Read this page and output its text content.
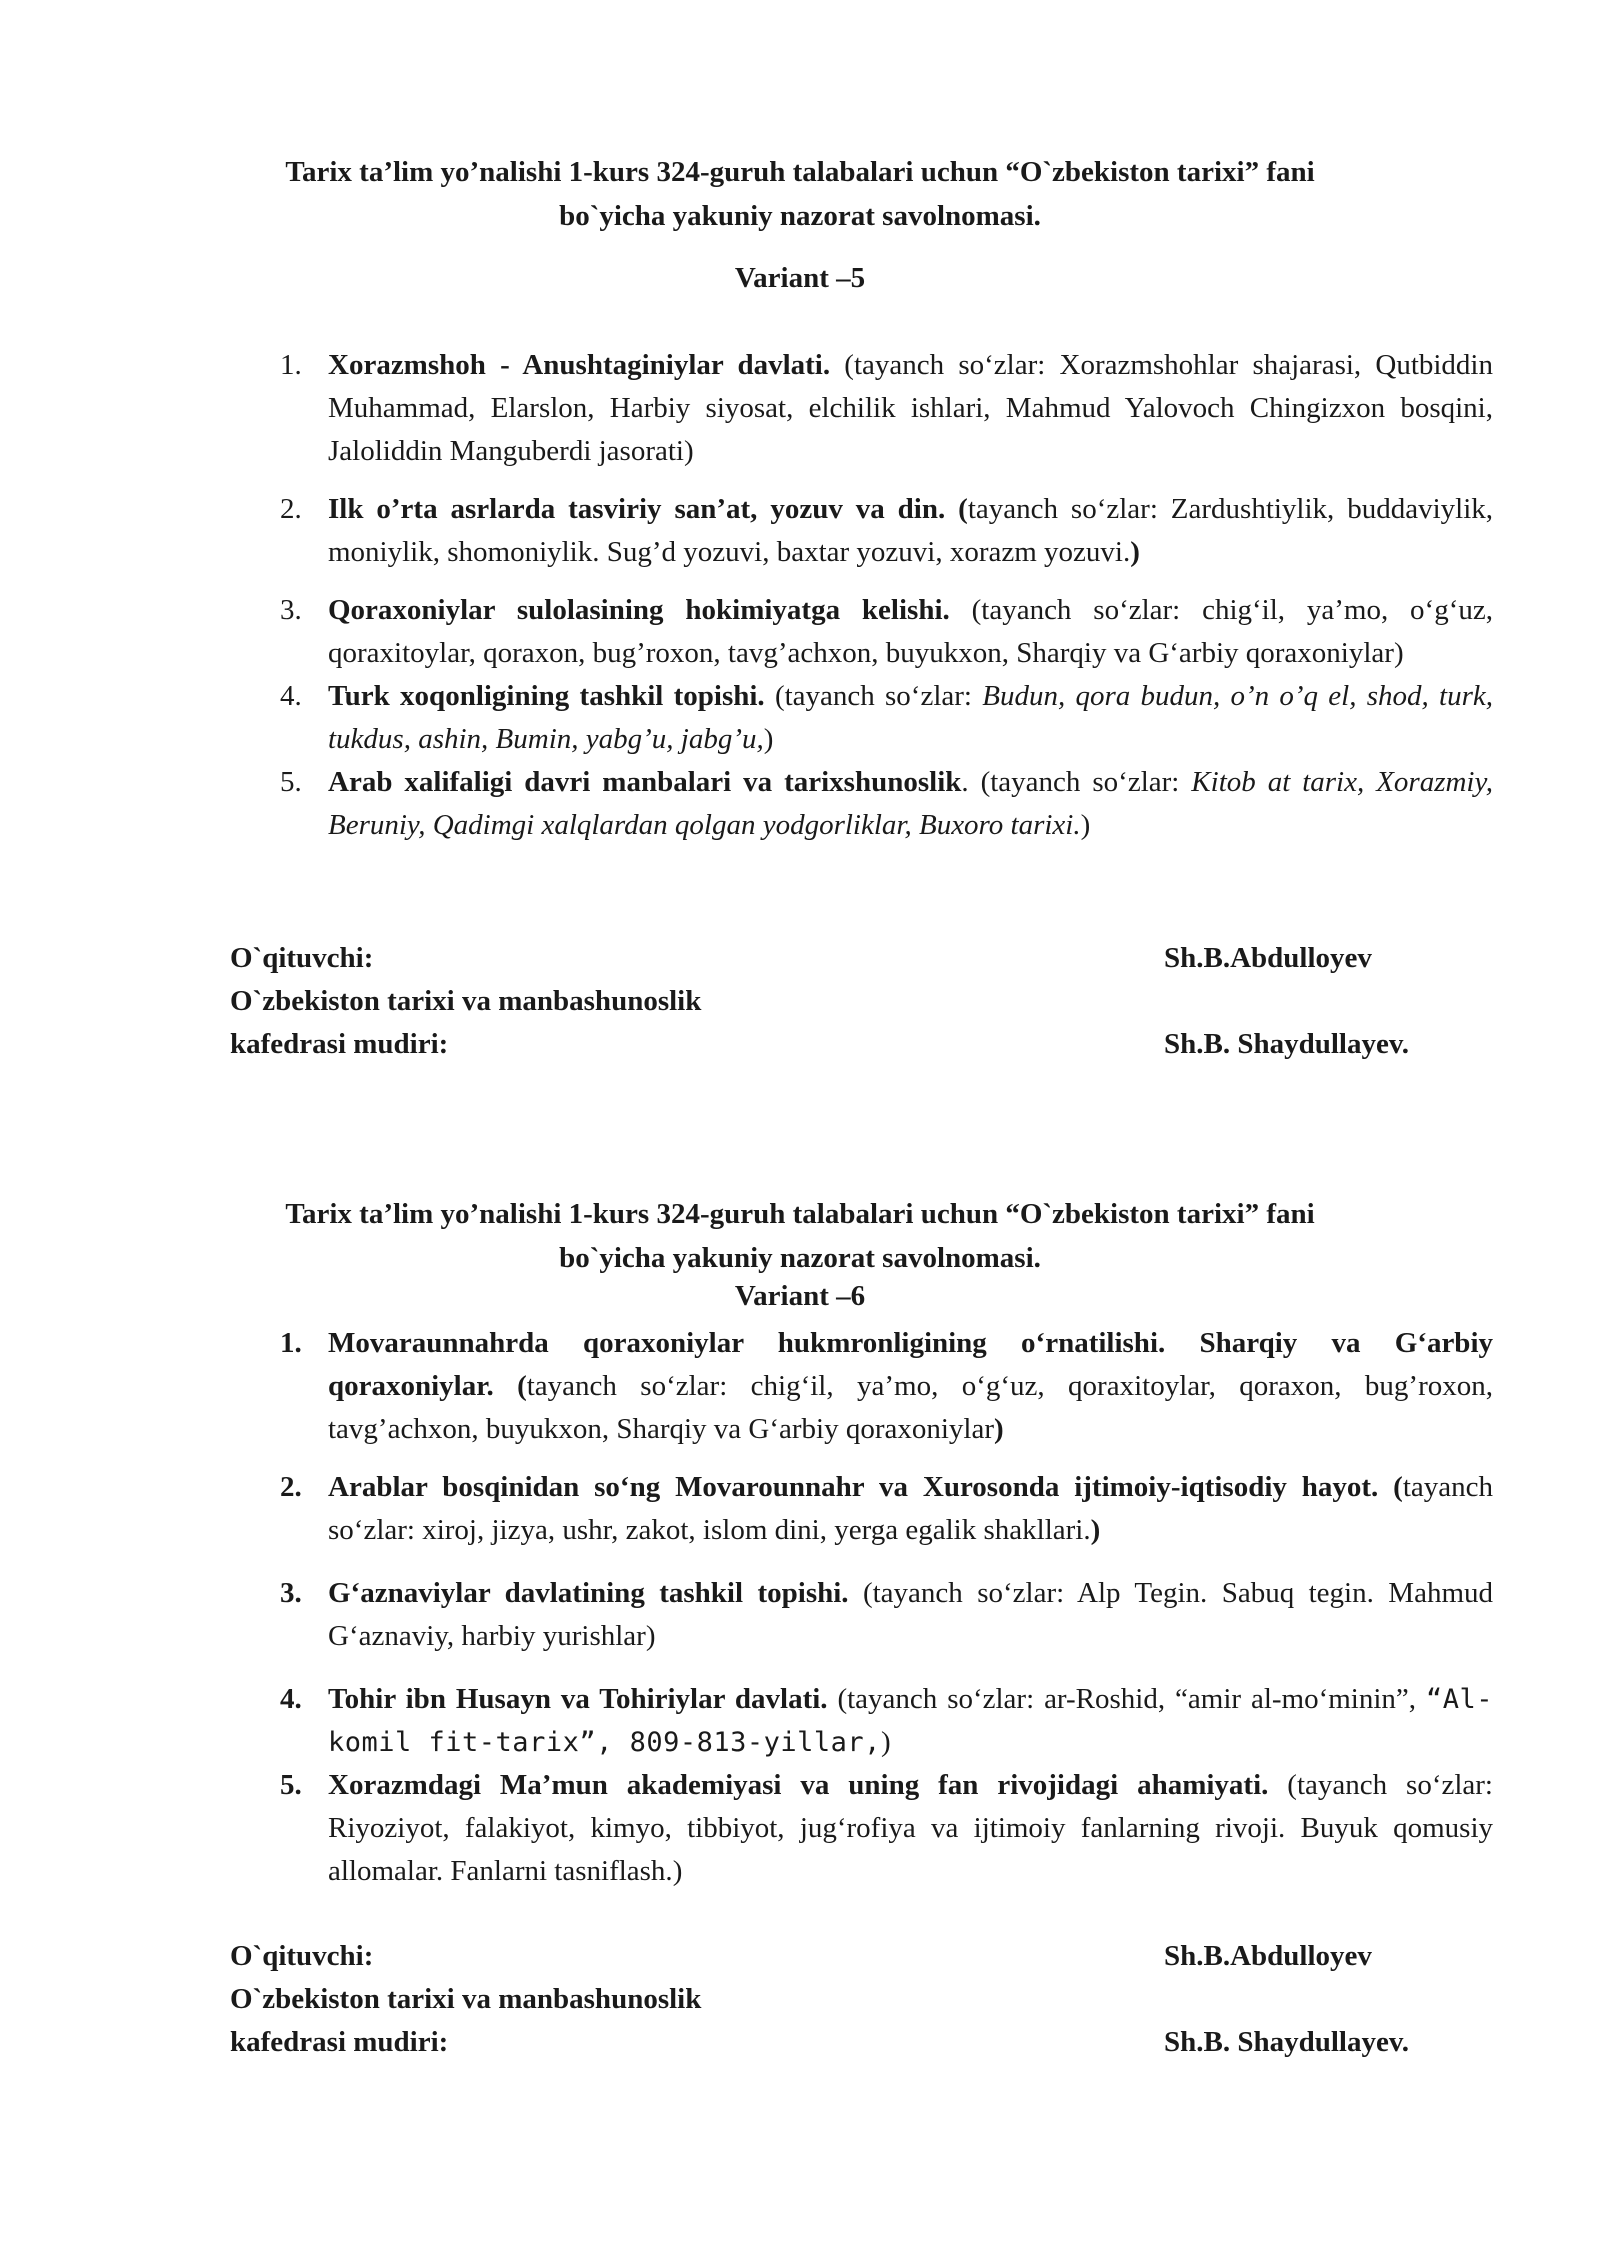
Tarix ta’lim yo’nalishi 1-kurs 324-guruh talabalari uchun “O`zbekiston tarixi” fani
bo`yicha yakuniy nazorat savolnomasi.
Variant –5
1. Xorazmshoh - Anushtaginiylar davlati. (tayanch so‘zlar: Xorazmshohlar shajarasi, Qutbiddin Muhammad, Elarslon, Harbiy siyosat, elchilik ishlari, Mahmud Yalovoch Chingizxon bosqini, Jaloliddin Manguberdi jasorati)
2. Ilk o’rta asrlarda tasviriy san’at, yozuv va din. (tayanch so‘zlar: Zardushtiylik, buddaviylik, moniylik, shomoniylik. Sug’d yozuvi, baxtar yozuvi, xorazm yozuvi.)
3. Qoraxoniylar sulolasining hokimiyatga kelishi. (tayanch so‘zlar: chig‘il, ya’mo, o‘g‘uz, qoraxitoylar, qoraxon, bug’roxon, tavg’achxon, buyukxon, Sharqiy va G‘arbiy qoraxoniylar)
4. Turk xoqonligining tashkil topishi. (tayanch so‘zlar: Budun, qora budun, o’n o’q el, shod, turk, tukdus, ashin, Bumin, yabg’u, jabg’u,)
5. Arab xalifaligi davri manbalari va tarixshunoslik. (tayanch so‘zlar: Kitob at tarix, Xorazmiy, Beruniy, Qadimgi xalqlardan qolgan yodgorliklar, Buxoro tarixi.)
O`qituvchi:
O`zbekiston tarixi va manbashunoslik
kafedrasi mudiri:
Sh.B.Abdulloyev
Sh.B. Shaydullayev.
Tarix ta’lim yo’nalishi 1-kurs 324-guruh talabalari uchun “O`zbekiston tarixi” fani
bo`yicha yakuniy nazorat savolnomasi.
Variant –6
1. Movaraunnahrda qoraxoniylar hukmronligining o‘rnatilishi. Sharqiy va G‘arbiy qoraxoniylar. (tayanch so‘zlar: chig‘il, ya’mo, o‘g‘uz, qoraxitoylar, qoraxon, bug’roxon, tavg’achxon, buyukxon, Sharqiy va G‘arbiy qoraxoniylar)
2. Arablar bosqinidan so‘ng Movarounnahr va Xurosonda ijtimoiy-iqtisodiy hayot. (tayanch so‘zlar: xiroj, jizya, ushr, zakot, islom dini, yerga egalik shakllari.)
3. G‘aznaviylar davlatining tashkil topishi. (tayanch so‘zlar: Alp Tegin. Sabuq tegin. Mahmud G‘aznaviy, harbiy yurishlar)
4. Tohir ibn Husayn va Tohiriylar davlati. (tayanch so‘zlar: ar-Roshid, “amir al-mo‘minin”, “Al-komil fit-tarix”, 809-813-yillar,)
5. Xorazmdagi Ma’mun akademiyasi va uning fan rivojidagi ahamiyati. (tayanch so‘zlar: Riyoziyot, falakiyot, kimyo, tibbiyot, jug‘rofiya va ijtimoiy fanlarning rivoji. Buyuk qomusiy allomalar. Fanlarni tasniflash.)
O`qituvchi:
O`zbekiston tarixi va manbashunoslik
kafedrasi mudiri:
Sh.B.Abdulloyev
Sh.B. Shaydullayev.
